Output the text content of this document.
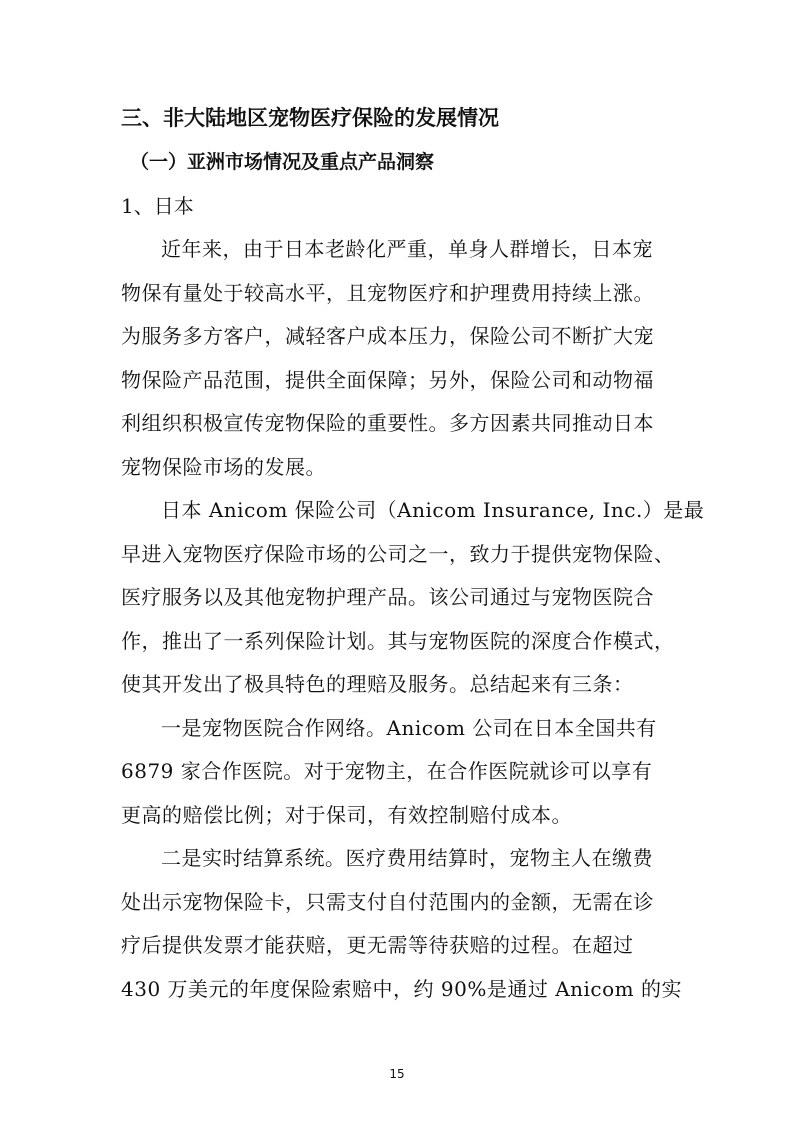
三、非大陆地区宠物医疗保险的发展情况
（一）亚洲市场情况及重点产品洞察
1、日本
近年来，由于日本老龄化严重，单身人群增长，日本宠
物保有量处于较高水平，且宠物医疗和护理费用持续上涨。
为服务多方客户，减轻客户成本压力，保险公司不断扩大宠
物保险产品范围，提供全面保障；另外，保险公司和动物福
利组织积极宣传宠物保险的重要性。多方因素共同推动日本
宠物保险市场的发展。
日本 Anicom 保险公司（Anicom Insurance, Inc.）是最
早进入宠物医疗保险市场的公司之一，致力于提供宠物保险、
医疗服务以及其他宠物护理产品。该公司通过与宠物医院合
作，推出了一系列保险计划。其与宠物医院的深度合作模式，
使其开发出了极具特色的理赔及服务。总结起来有三条：
一是宠物医院合作网络。Anicom 公司在日本全国共有
6879 家合作医院。对于宠物主，在合作医院就诊可以享有
更高的赔偿比例；对于保司，有效控制赔付成本。
二是实时结算系统。医疗费用结算时，宠物主人在缴费
处出示宠物保险卡，只需支付自付范围内的金额，无需在诊
疗后提供发票才能获赔，更无需等待获赔的过程。在超过
430 万美元的年度保险索赔中，约 90%是通过 Anicom 的实
15
